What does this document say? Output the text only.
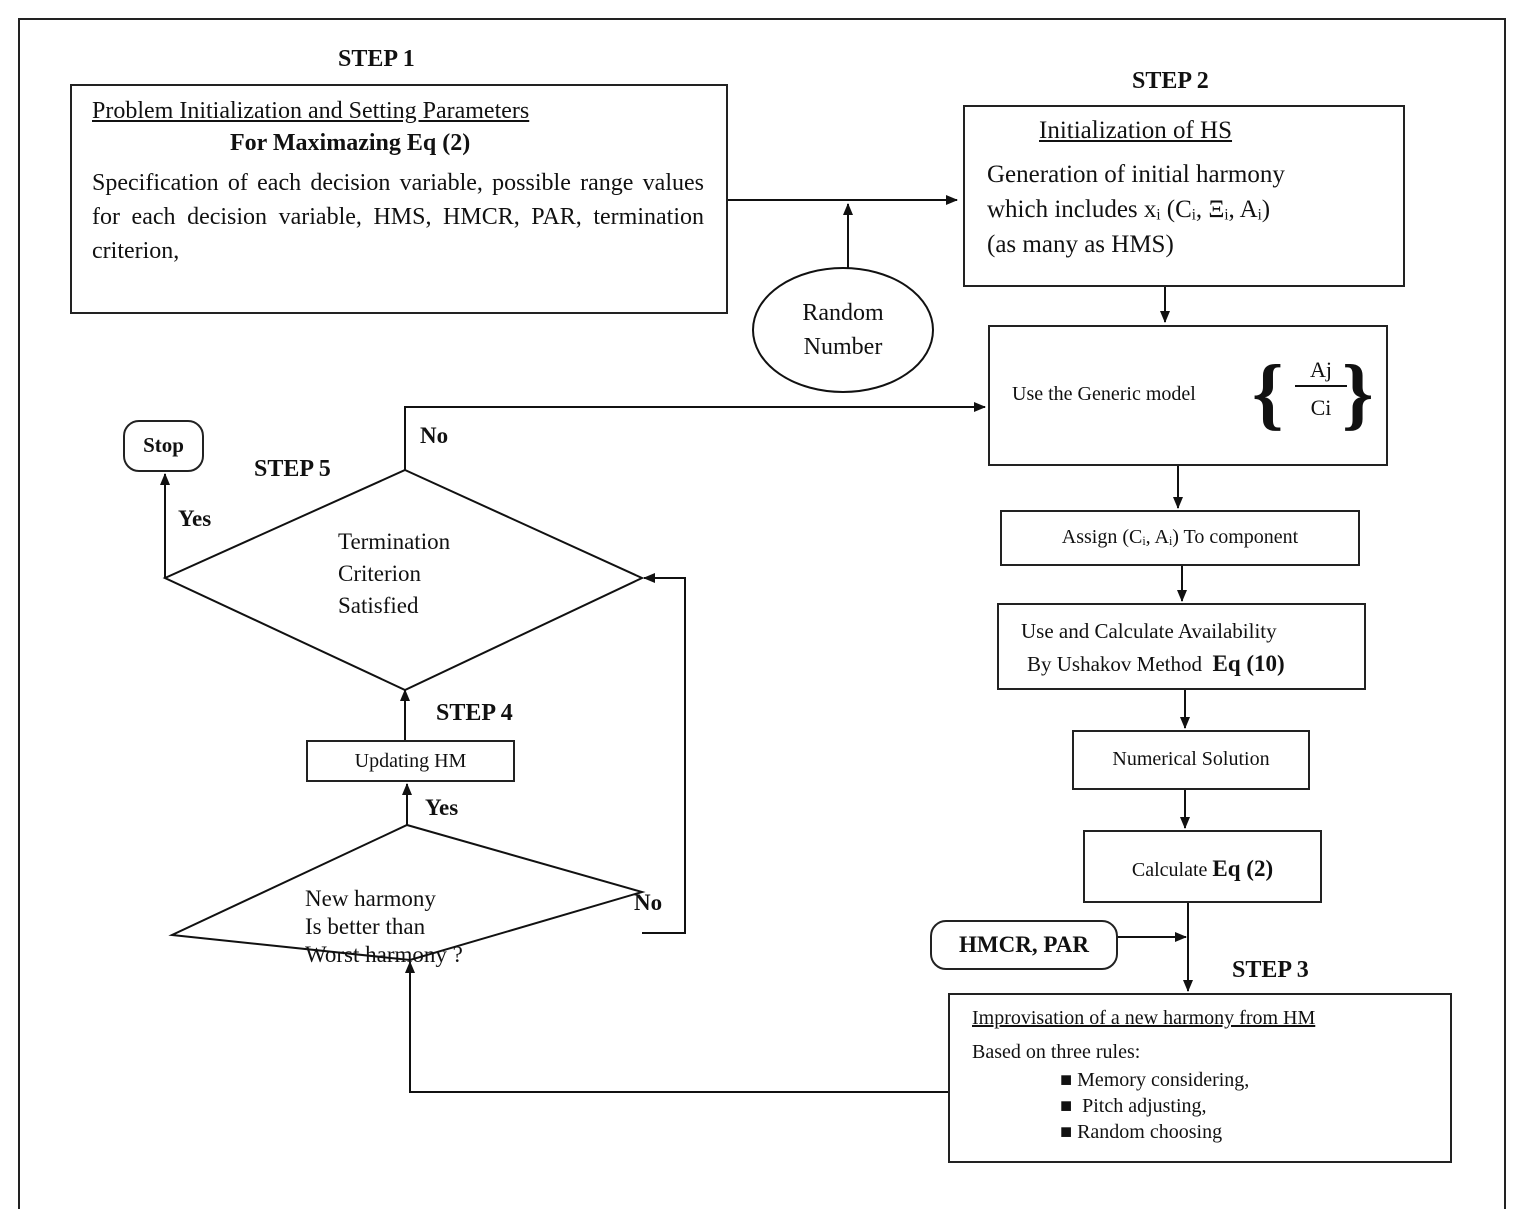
STEP 1
STEP 2
STEP 3
STEP 4
STEP 5
Problem Initialization and Setting Parameters
For Maximazing Eq (2)
Specification of each decision variable, possible range values for each decision variable, HMS, HMCR, PAR, termination criterion,
Random
Number
Initialization of HS
Generation of initial harmony
which includes xᵢ (Cᵢ, Ξᵢ, Aᵢ)
(as many as HMS)
Use the Generic model { $\frac{Aj}{Ci}$
}
Assign (Cᵢ, Aᵢ) To component
Use and Calculate Availability
By Ushakov Method Eq (10)
Numerical Solution
Calculate Eq (2)
HMCR, PAR
Improvisation of a new harmony from HM
Based on three rules:
■ Memory considering,
■  Pitch adjusting,
■ Random choosing
New harmony
Is better than
Worst harmony ?
Updating HM
Termination
Criterion
Satisfied
Stop
Yes
No
Yes
No
